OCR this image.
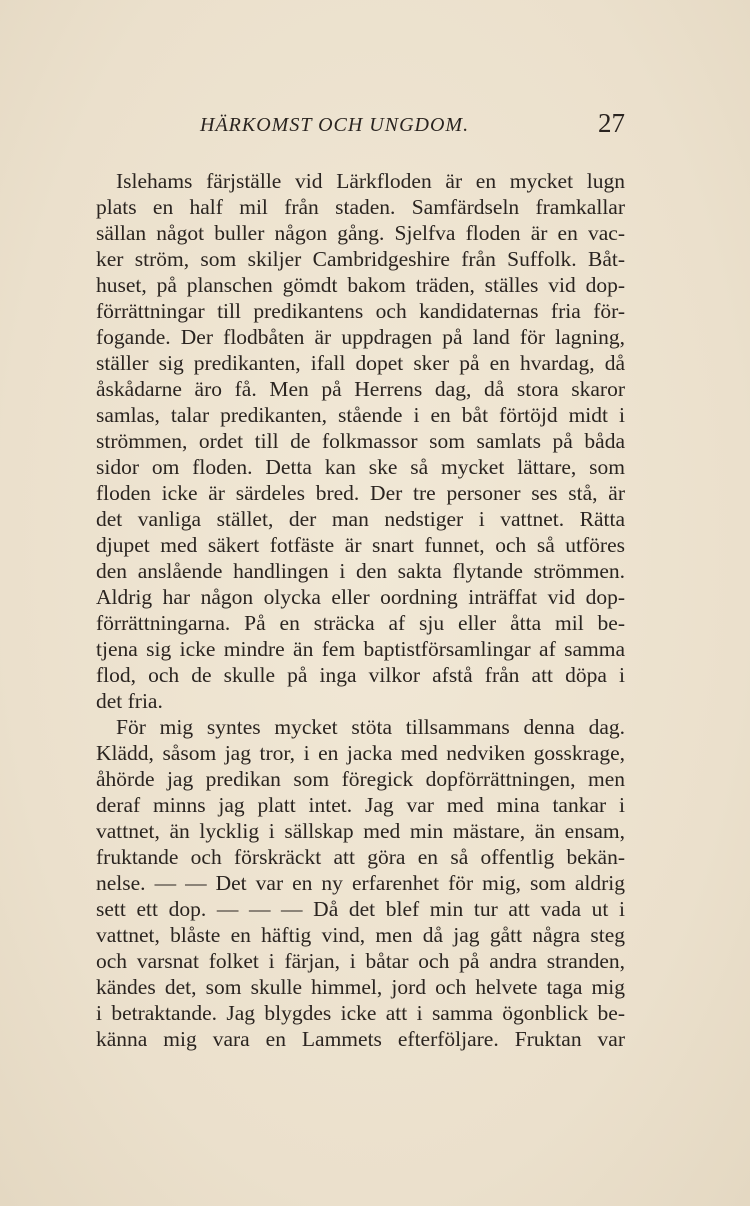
HÄRKOMST OCH UNGDOM.	27
Islehams färjställe vid Lärkfloden är en mycket lugn
plats en half mil från staden. Samfärdseln framkallar
sällan något buller någon gång. Sjelfva floden är en vac-
ker ström, som skiljer Cambridgeshire från Suffolk. Båt-
huset, på planschen gömdt bakom träden, ställes vid dop-
förrättningar till predikantens och kandidaternas fria för-
fogande. Der flodbåten är uppdragen på land för lagning,
ställer sig predikanten, ifall dopet sker på en hvardag, då
åskådarne äro få. Men på Herrens dag, då stora skaror
samlas, talar predikanten, stående i en båt förtöjd midt i
strömmen, ordet till de folkmassor som samlats på båda
sidor om floden. Detta kan ske så mycket lättare, som
floden icke är särdeles bred. Der tre personer ses stå, är
det vanliga stället, der man nedstiger i vattnet. Rätta
djupet med säkert fotfäste är snart funnet, och så utföres
den anslående handlingen i den sakta flytande strömmen.
Aldrig har någon olycka eller oordning inträffat vid dop-
förrättningarna. På en sträcka af sju eller åtta mil be-
tjena sig icke mindre än fem baptistförsamlingar af samma
flod, och de skulle på inga vilkor afstå från att döpa i
det fria.
För mig syntes mycket stöta tillsammans denna dag.
Klädd, såsom jag tror, i en jacka med nedviken gosskrage,
åhörde jag predikan som föregick dopförrättningen, men
deraf minns jag platt intet. Jag var med mina tankar i
vattnet, än lycklig i sällskap med min mästare, än ensam,
fruktande och förskräckt att göra en så offentlig bekän-
nelse. — — Det var en ny erfarenhet för mig, som aldrig
sett ett dop. — — — Då det blef min tur att vada ut i
vattnet, blåste en häftig vind, men då jag gått några steg
och varsnat folket i färjan, i båtar och på andra stranden,
kändes det, som skulle himmel, jord och helvete taga mig
i betraktande. Jag blygdes icke att i samma ögonblick be-
känna mig vara en Lammets efterföljare. Fruktan var
